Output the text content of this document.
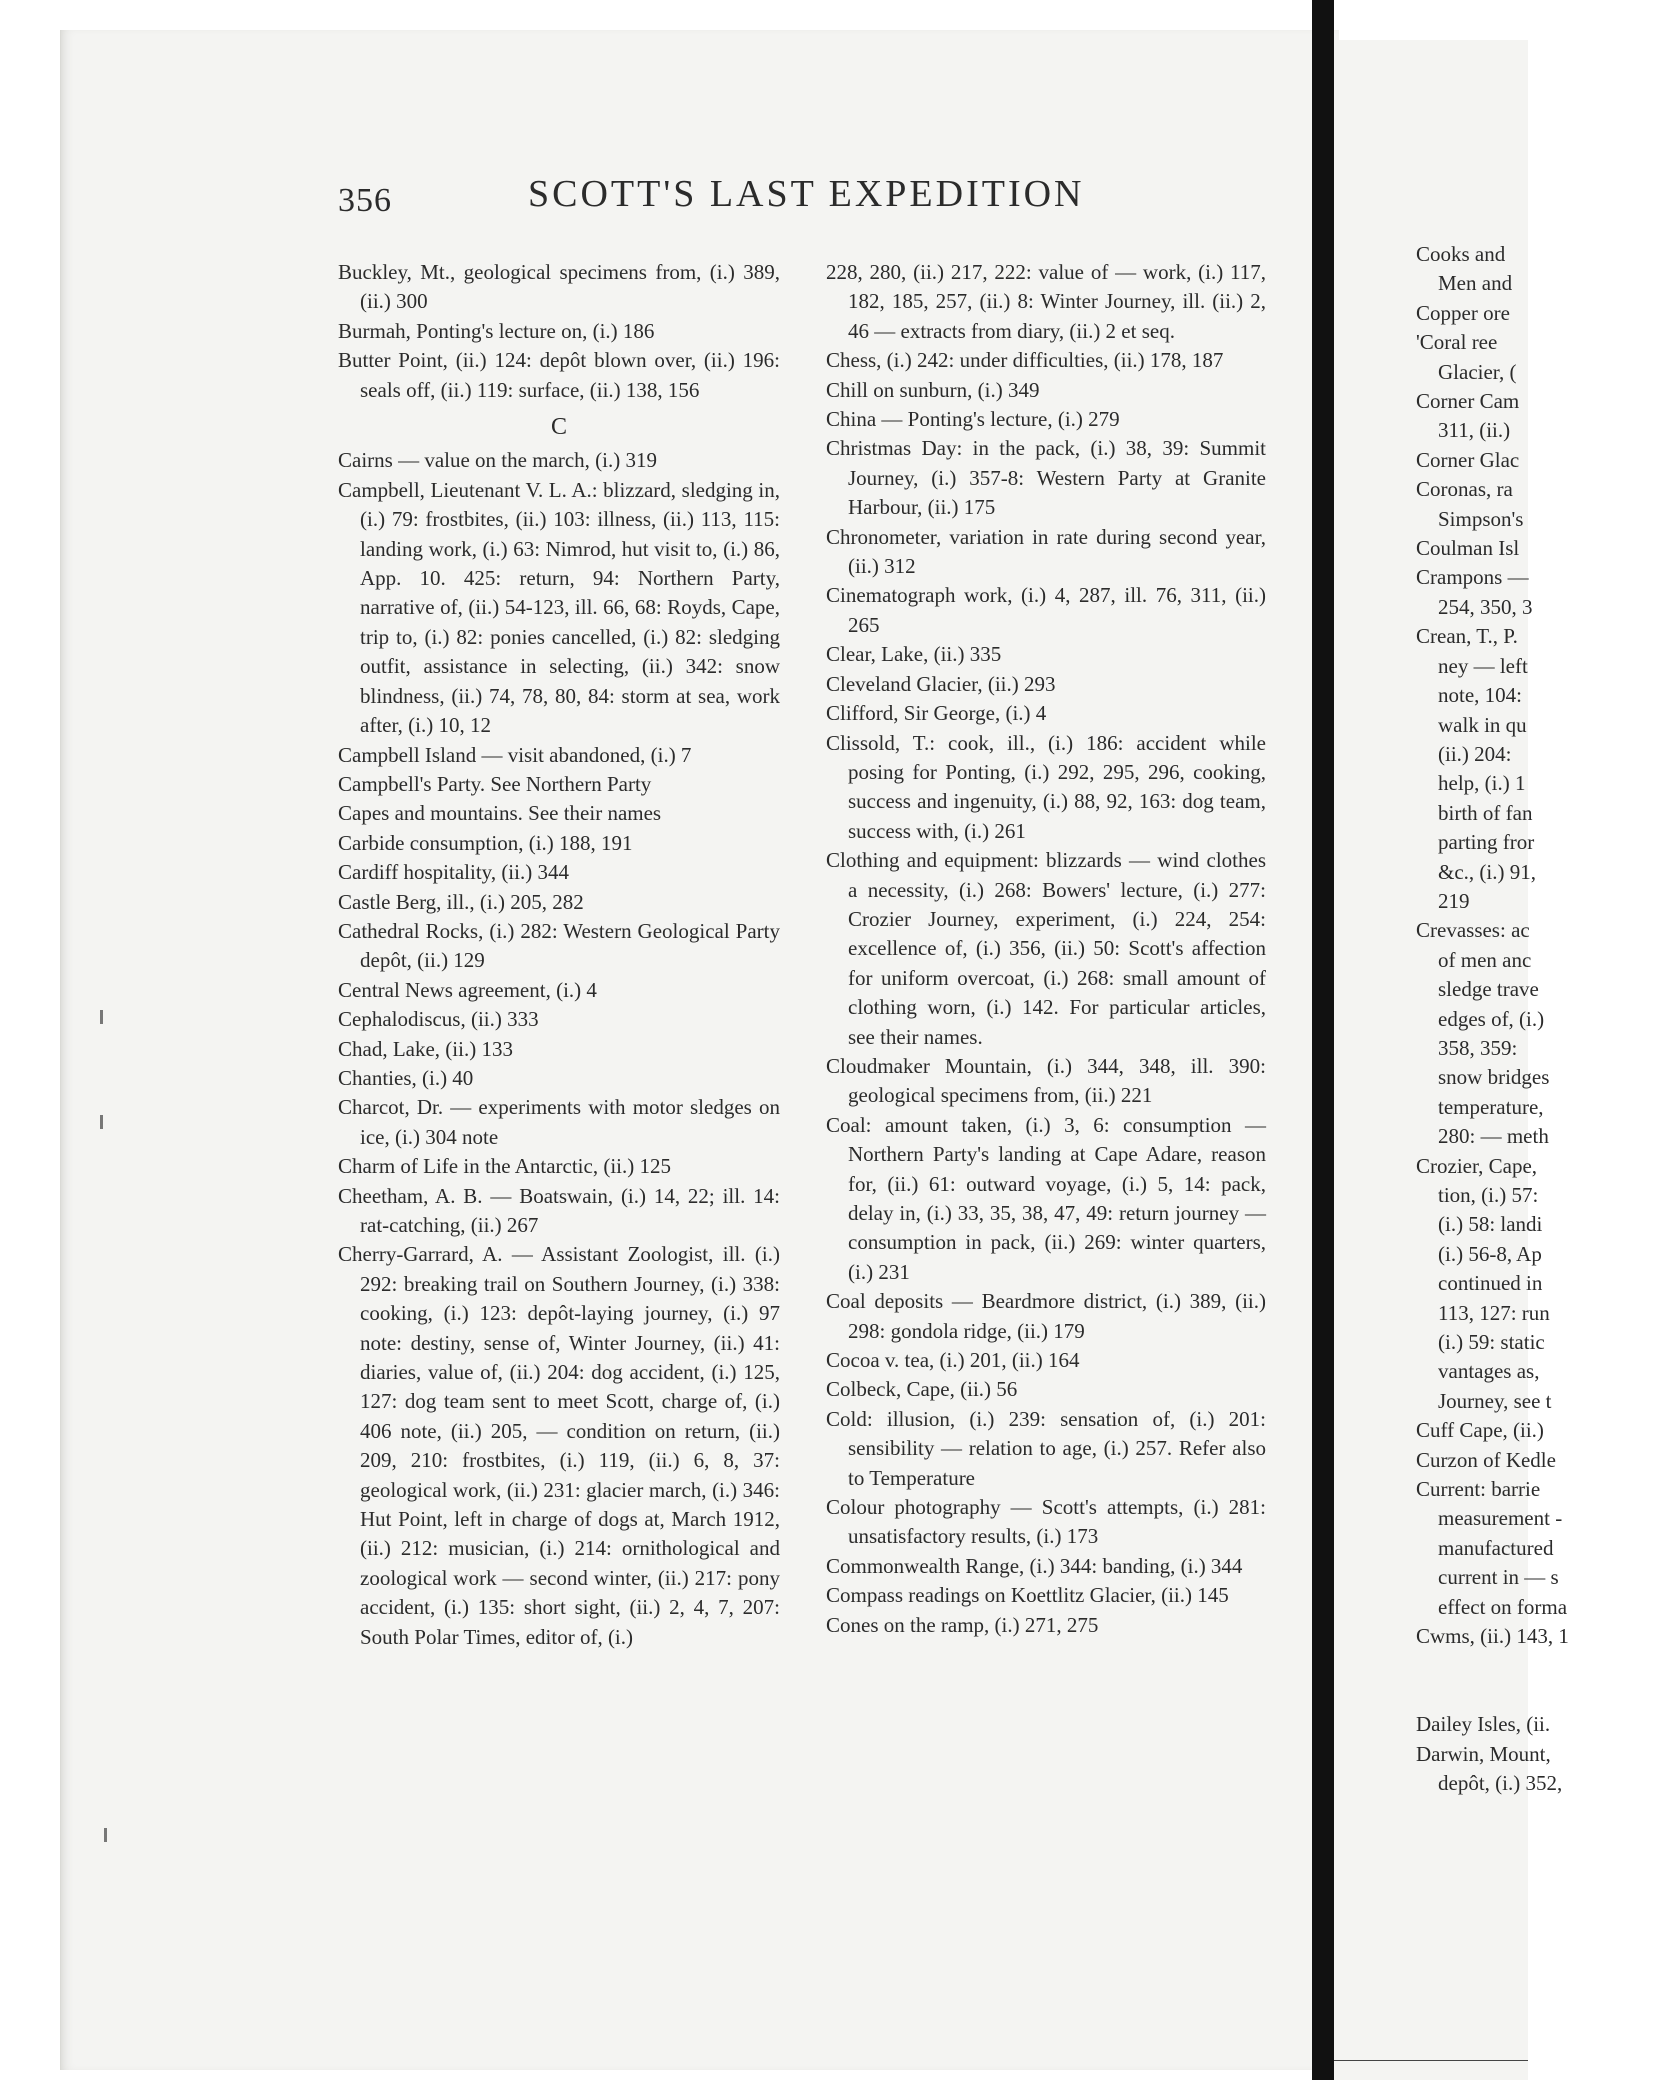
356	SCOTT'S LAST EXPEDITION
Buckley, Mt., geological specimens from, (i.) 389, (ii.) 300
Burmah, Ponting's lecture on, (i.) 186
Butter Point, (ii.) 124: depôt blown over, (ii.) 196: seals off, (ii.) 119: surface, (ii.) 138, 156
C
Cairns — value on the march, (i.) 319
Campbell, Lieutenant V. L. A.: blizzard, sledging in, (i.) 79: frostbites, (ii.) 103: illness, (ii.) 113, 115: landing work, (i.) 63: Nimrod, hut visit to, (i.) 86, App. 10. 425: return, 94: Northern Party, narrative of, (ii.) 54-123, ill. 66, 68: Royds, Cape, trip to, (i.) 82: ponies cancelled, (i.) 82: sledging outfit, assistance in selecting, (ii.) 342: snow blindness, (ii.) 74, 78, 80, 84: storm at sea, work after, (i.) 10, 12
Campbell Island — visit abandoned, (i.) 7
Campbell's Party. See Northern Party
Capes and mountains. See their names
Carbide consumption, (i.) 188, 191
Cardiff hospitality, (ii.) 344
Castle Berg, ill., (i.) 205, 282
Cathedral Rocks, (i.) 282: Western Geological Party depôt, (ii.) 129
Central News agreement, (i.) 4
Cephalodiscus, (ii.) 333
Chad, Lake, (ii.) 133
Chanties, (i.) 40
Charcot, Dr. — experiments with motor sledges on ice, (i.) 304 note
Charm of Life in the Antarctic, (ii.) 125
Cheetham, A. B. — Boatswain, (i.) 14, 22; ill. 14: rat-catching, (ii.) 267
Cherry-Garrard, A. — Assistant Zoologist, ill. (i.) 292: breaking trail on Southern Journey, (i.) 338: cooking, (i.) 123: depôt-laying journey, (i.) 97 note: destiny, sense of, Winter Journey, (ii.) 41: diaries, value of, (ii.) 204: dog accident, (i.) 125, 127: dog team sent to meet Scott, charge of, (i.) 406 note, (ii.) 205, — condition on return, (ii.) 209, 210: frostbites, (i.) 119, (ii.) 6, 8, 37: geological work, (ii.) 231: glacier march, (i.) 346: Hut Point, left in charge of dogs at, March 1912, (ii.) 212: musician, (i.) 214: ornithological and zoological work — second winter, (ii.) 217: pony accident, (i.) 135: short sight, (ii.) 2, 4, 7, 207: South Polar Times, editor of, (i.)
228, 280, (ii.) 217, 222: value of — work, (i.) 117, 182, 185, 257, (ii.) 8: Winter Journey, ill. (ii.) 2, 46 — extracts from diary, (ii.) 2 et seq.
Chess, (i.) 242: under difficulties, (ii.) 178, 187
Chill on sunburn, (i.) 349
China — Ponting's lecture, (i.) 279
Christmas Day: in the pack, (i.) 38, 39: Summit Journey, (i.) 357-8: Western Party at Granite Harbour, (ii.) 175
Chronometer, variation in rate during second year, (ii.) 312
Cinematograph work, (i.) 4, 287, ill. 76, 311, (ii.) 265
Clear, Lake, (ii.) 335
Cleveland Glacier, (ii.) 293
Clifford, Sir George, (i.) 4
Clissold, T.: cook, ill., (i.) 186: accident while posing for Ponting, (i.) 292, 295, 296, cooking, success and ingenuity, (i.) 88, 92, 163: dog team, success with, (i.) 261
Clothing and equipment: blizzards — wind clothes a necessity, (i.) 268: Bowers' lecture, (i.) 277: Crozier Journey, experiment, (i.) 224, 254: excellence of, (i.) 356, (ii.) 50: Scott's affection for uniform overcoat, (i.) 268: small amount of clothing worn, (i.) 142. For particular articles, see their names.
Cloudmaker Mountain, (i.) 344, 348, ill. 390: geological specimens from, (ii.) 221
Coal: amount taken, (i.) 3, 6: consumption — Northern Party's landing at Cape Adare, reason for, (ii.) 61: outward voyage, (i.) 5, 14: pack, delay in, (i.) 33, 35, 38, 47, 49: return journey — consumption in pack, (ii.) 269: winter quarters, (i.) 231
Coal deposits — Beardmore district, (i.) 389, (ii.) 298: gondola ridge, (ii.) 179
Cocoa v. tea, (i.) 201, (ii.) 164
Colbeck, Cape, (ii.) 56
Cold: illusion, (i.) 239: sensation of, (i.) 201: sensibility — relation to age, (i.) 257. Refer also to Temperature
Colour photography — Scott's attempts, (i.) 281: unsatisfactory results, (i.) 173
Commonwealth Range, (i.) 344: banding, (i.) 344
Compass readings on Koettlitz Glacier, (ii.) 145
Cones on the ramp, (i.) 271, 275
Cooks and
Men and
Copper ore
'Coral ree
Glacier, (
Corner Cam
311, (ii.)
Corner Glac
Coronas, ra
Simpson's
Coulman Isl
Crampons —
254, 350, 3
Crean, T., P.
ney — left
note, 104:
walk in qu
(ii.) 204:
help, (i.) 1
birth of fan
parting fror
&c., (i.) 91,
219
Crevasses: ac
of men anc
sledge trave
edges of, (i.)
358, 359:
snow bridges
temperature,
280: — meth
Crozier, Cape,
tion, (i.) 57:
(i.) 58: landi
(i.) 56-8, Ap
continued in
113, 127: run
(i.) 59: static
vantages as,
Journey, see t
Cuff Cape, (ii.)
Curzon of Kedle
Current: barrie
measurement -
manufactured
current in — s
effect on forma
Cwms, (ii.) 143, 1
Dailey Isles, (ii.
Darwin, Mount,
depôt, (i.) 352,
